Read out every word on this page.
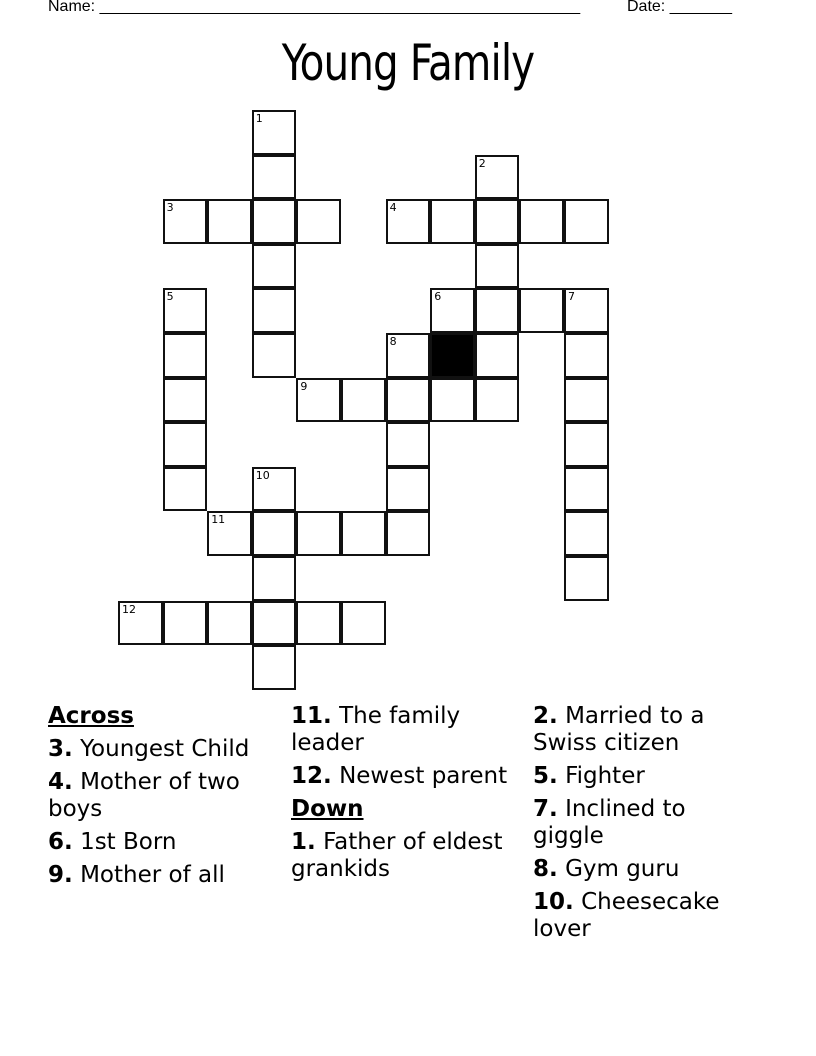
Name: ______________________________________________________	Date: _______
Young Family
1
2
3	4
5	6	7
8
9
10
11
12
Across
3. Youngest Child
4. Mother of two boys
6. 1st Born
9. Mother of all
11. The family leader
12. Newest parent
Down
1. Father of eldest grankids
2. Married to a Swiss citizen
5. Fighter
7. Inclined to giggle
8. Gym guru
10. Cheesecake lover
